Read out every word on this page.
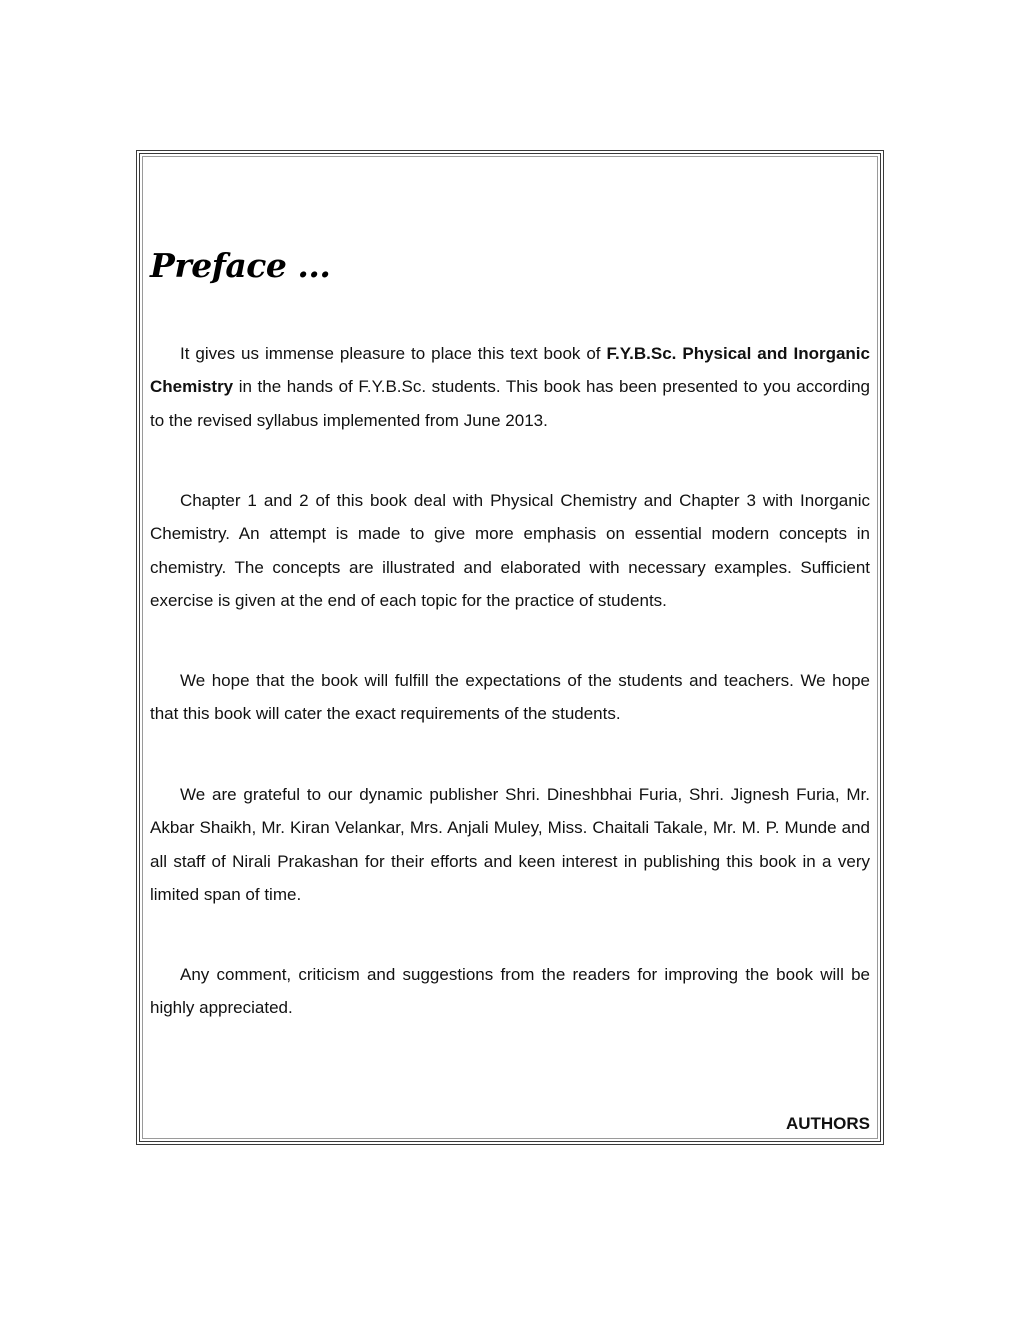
Preface ...

It gives us immense pleasure to place this text book of F.Y.B.Sc. Physical and Inorganic Chemistry in the hands of F.Y.B.Sc. students. This book has been presented to you according to the revised syllabus implemented from June 2013.

Chapter 1 and 2 of this book deal with Physical Chemistry and Chapter 3 with Inorganic Chemistry. An attempt is made to give more emphasis on essential modern concepts in chemistry. The concepts are illustrated and elaborated with necessary examples. Sufficient exercise is given at the end of each topic for the practice of students.

We hope that the book will fulfill the expectations of the students and teachers. We hope that this book will cater the exact requirements of the students.

We are grateful to our dynamic publisher Shri. Dineshbhai Furia, Shri. Jignesh Furia, Mr. Akbar Shaikh, Mr. Kiran Velankar, Mrs. Anjali Muley, Miss. Chaitali Takale, Mr. M. P. Munde and all staff of Nirali Prakashan for their efforts and keen interest in publishing this book in a very limited span of time.

Any comment, criticism and suggestions from the readers for improving the book will be highly appreciated.

AUTHORS
